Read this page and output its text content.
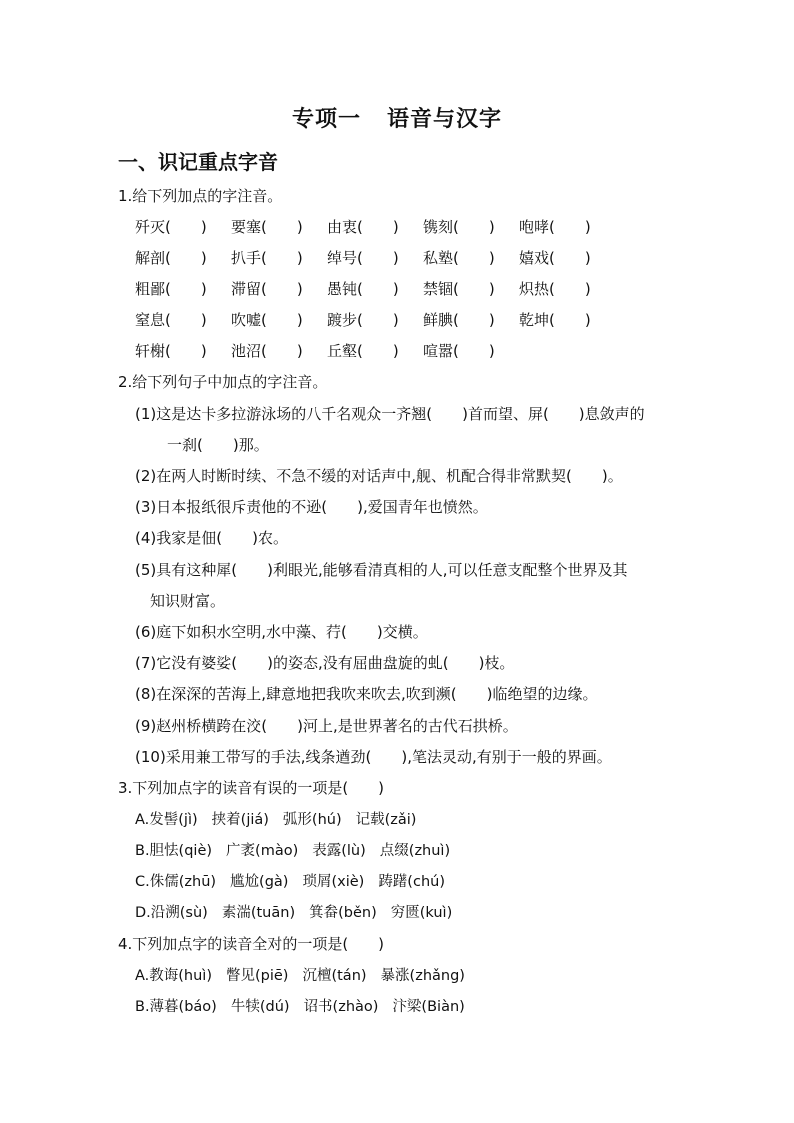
专项一 语音与汉字
一、识记重点字音
1.给下列加点的字注音。
歼灭(　　)	要塞(　　)	由衷(　　)	镌刻(　　)	咆哮(　　)
解剖(　　)	扒手(　　)	绰号(　　)	私塾(　　)	嬉戏(　　)
粗鄙(　　)	滞留(　　)	愚钝(　　)	禁锢(　　)	炽热(　　)
窒息(　　)	吹嘘(　　)	踱步(　　)	鲜腆(　　)	乾坤(　　)
轩榭(　　)	池沼(　　)	丘壑(　　)	喧嚣(　　)
2.给下列句子中加点的字注音。
(1)这是达卡多拉游泳场的八千名观众一齐翘(　　)首而望、屏(　　)息敛声的
一刹(　　)那。
(2)在两人时断时续、不急不缓的对话声中,舰、机配合得非常默契(　　)。
(3)日本报纸很斥责他的不逊(　　),爱国青年也愤然。
(4)我家是佃(　　)农。
(5)具有这种犀(　　)利眼光,能够看清真相的人,可以任意支配整个世界及其
知识财富。
(6)庭下如积水空明,水中藻、荇(　　)交横。
(7)它没有婆娑(　　)的姿态,没有屈曲盘旋的虬(　　)枝。
(8)在深深的苦海上,肆意地把我吹来吹去,吹到濒(　　)临绝望的边缘。
(9)赵州桥横跨在洨(　　)河上,是世界著名的古代石拱桥。
(10)采用兼工带写的手法,线条遒劲(　　),笔法灵动,有别于一般的界画。
3.下列加点字的读音有误的一项是(　　)
A.发髻(jì) 挟着(jiá) 弧形(hú) 记载(zǎi)
B.胆怯(qiè) 广袤(mào) 表露(lù) 点缀(zhuì)
C.侏儒(zhū) 尴尬(gà) 琐屑(xiè) 踌躇(chú)
D.沿溯(sù) 素湍(tuān) 箕畚(běn) 穷匮(kuì)
4.下列加点字的读音全对的一项是(　　)
A.教诲(huì) 瞥见(piē) 沉檀(tán) 暴涨(zhǎng)
B.薄暮(báo) 牛犊(dú) 诏书(zhào) 汴梁(Biàn)
